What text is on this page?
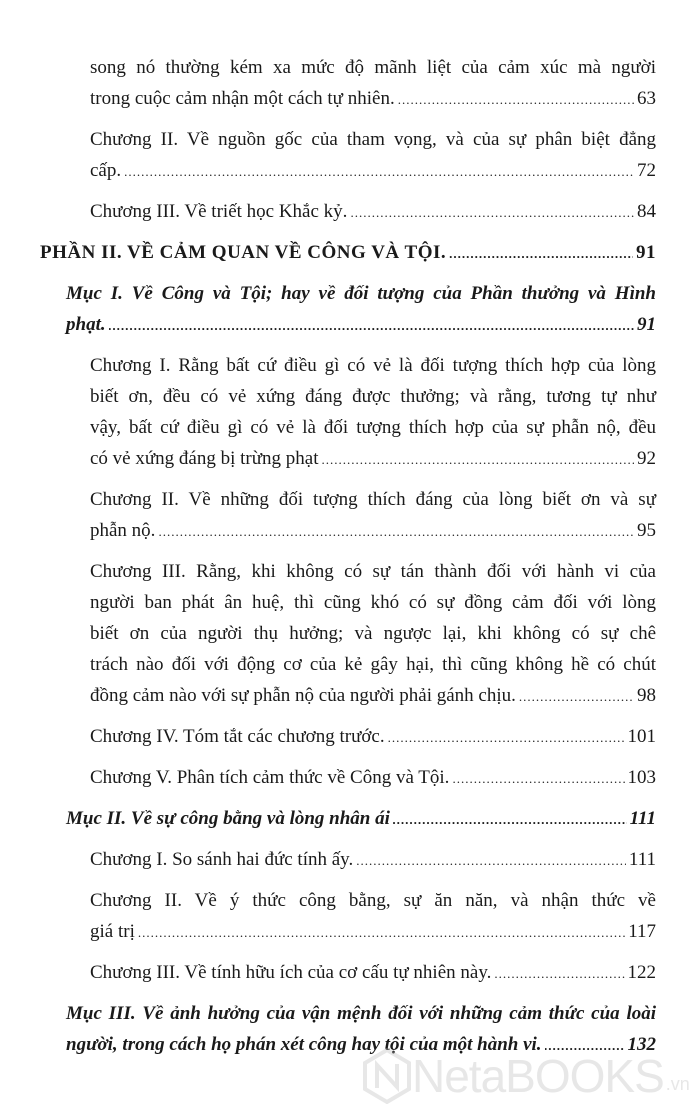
song nó thường kém xa mức độ mãnh liệt của cảm xúc mà người
trong cuộc cảm nhận một cách tự nhiên. .....	63
Chương II. Về nguồn gốc của tham vọng, và của sự phân biệt đẳng
cấp. .....	72
Chương III. Về triết học Khắc kỷ. .....	84
PHẦN II. VỀ CẢM QUAN VỀ CÔNG VÀ TỘI. .....	91
Mục I. Về Công và Tội; hay về đối tượng của Phần thưởng và Hình
phạt. .....	91
Chương I. Rằng bất cứ điều gì có vẻ là đối tượng thích hợp của lòng
biết ơn, đều có vẻ xứng đáng được thưởng; và rằng, tương tự như
vậy, bất cứ điều gì có vẻ là đối tượng thích hợp của sự phẫn nộ, đều
có vẻ xứng đáng bị trừng phạt .....	92
Chương II. Về những đối tượng thích đáng của lòng biết ơn và sự
phẫn nộ. .....	95
Chương III. Rằng, khi không có sự tán thành đối với hành vi của
người ban phát ân huệ, thì cũng khó có sự đồng cảm đối với lòng
biết ơn của người thụ hưởng; và ngược lại, khi không có sự chê
trách nào đối với động cơ của kẻ gây hại, thì cũng không hề có chút
đồng cảm nào với sự phẫn nộ của người phải gánh chịu. .....	98
Chương IV. Tóm tắt các chương trước. .....	101
Chương V. Phân tích cảm thức về Công và Tội. .....	103
Mục II. Về sự công bằng và lòng nhân ái .....	111
Chương I. So sánh hai đức tính ấy. .....	111
Chương II. Về ý thức công bằng, sự ăn năn, và nhận thức về
giá trị .....	117
Chương III. Về tính hữu ích của cơ cấu tự nhiên này. .....	122
Mục III. Về ảnh hưởng của vận mệnh đối với những cảm thức của loài
người, trong cách họ phán xét công hay tội của một hành vi. .....	132
NetaBOOKS .vn
